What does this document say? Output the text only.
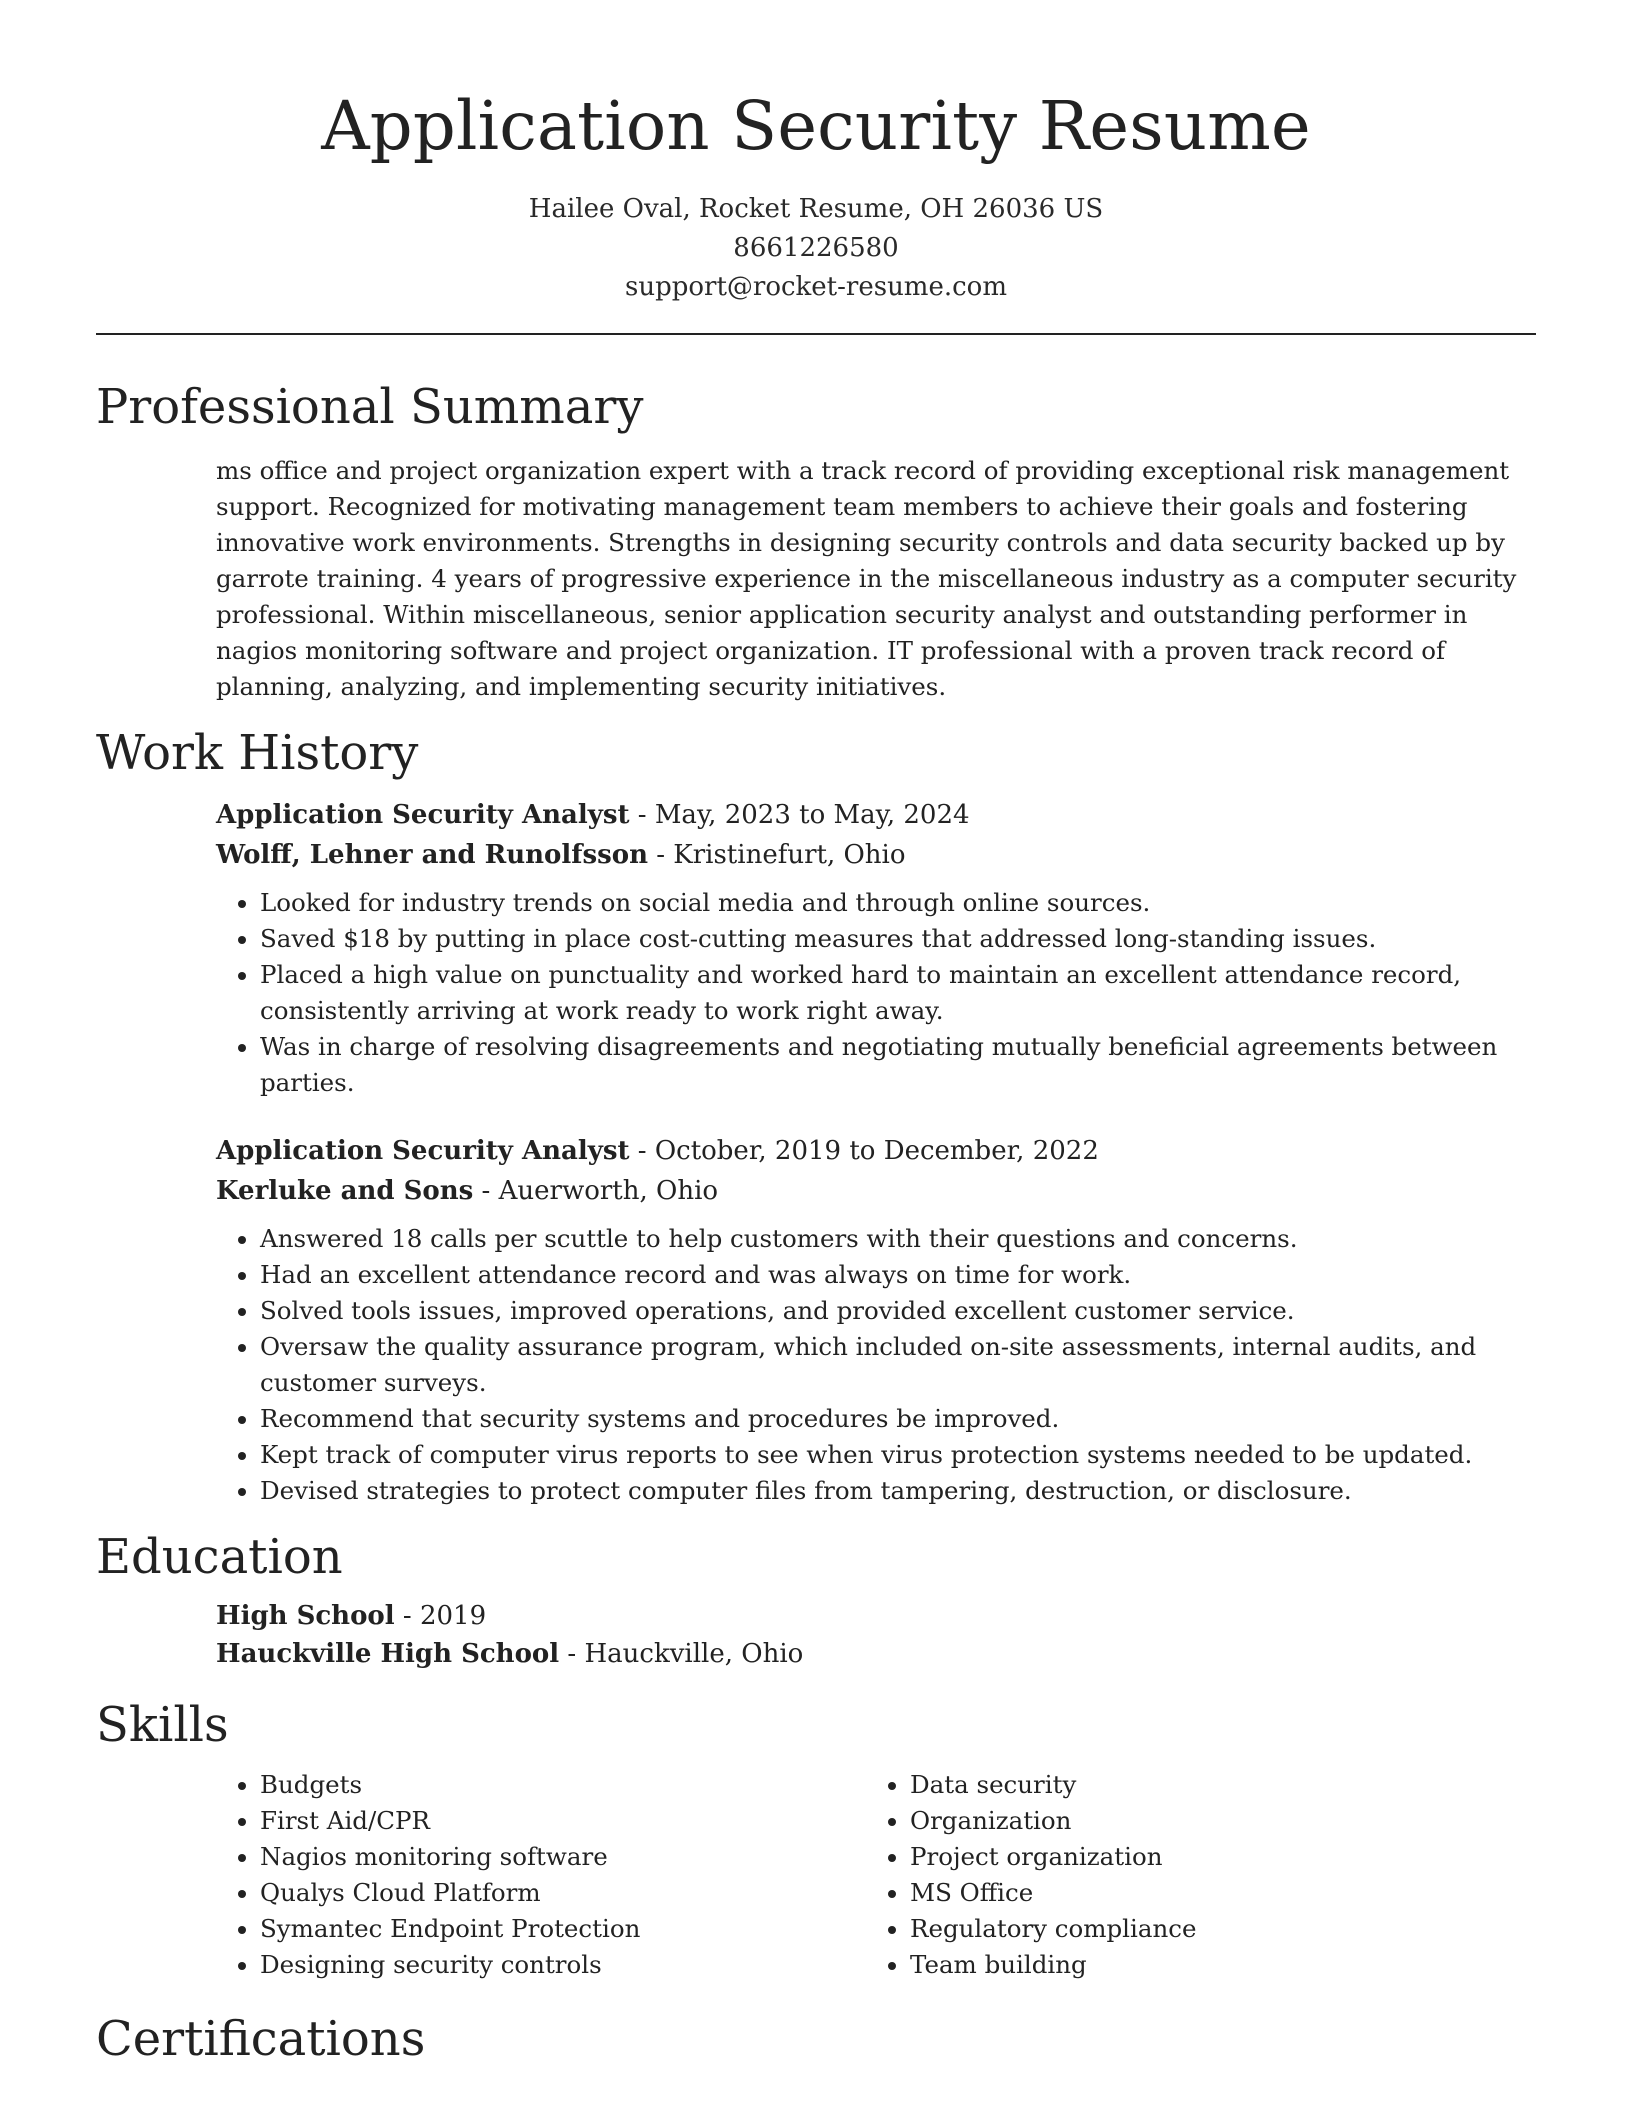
Application Security Resume
Hailee Oval, Rocket Resume, OH 26036 US
8661226580
support@rocket-resume.com
Professional Summary

ms office and project organization expert with a track record of providing exceptional risk management support. Recognized for motivating management team members to achieve their goals and fostering innovative work environments. Strengths in designing security controls and data security backed up by garrote training. 4 years of progressive experience in the miscellaneous industry as a computer security professional. Within miscellaneous, senior application security analyst and outstanding performer in nagios monitoring software and project organization. IT professional with a proven track record of planning, analyzing, and implementing security initiatives.

Work History
Application Security Analyst - May, 2023 to May, 2024
Wolff, Lehner and Runolfsson - Kristinefurt, Ohio
• Looked for industry trends on social media and through online sources.
• Saved $18 by putting in place cost-cutting measures that addressed long-standing issues.
• Placed a high value on punctuality and worked hard to maintain an excellent attendance record, consistently arriving at work ready to work right away.
• Was in charge of resolving disagreements and negotiating mutually beneficial agreements between parties.
Application Security Analyst - October, 2019 to December, 2022
Kerluke and Sons - Auerworth, Ohio
• Answered 18 calls per scuttle to help customers with their questions and concerns.
• Had an excellent attendance record and was always on time for work.
• Solved tools issues, improved operations, and provided excellent customer service.
• Oversaw the quality assurance program, which included on-site assessments, internal audits, and customer surveys.
• Recommend that security systems and procedures be improved.
• Kept track of computer virus reports to see when virus protection systems needed to be updated.
• Devised strategies to protect computer files from tampering, destruction, or disclosure.
Education
High School - 2019
Hauckville High School - Hauckville, Ohio
Skills
• Budgets
• First Aid/CPR
• Nagios monitoring software
• Qualys Cloud Platform
• Symantec Endpoint Protection
• Designing security controls
• Data security
• Organization
• Project organization
• MS Office
• Regulatory compliance
• Team building
Certifications
